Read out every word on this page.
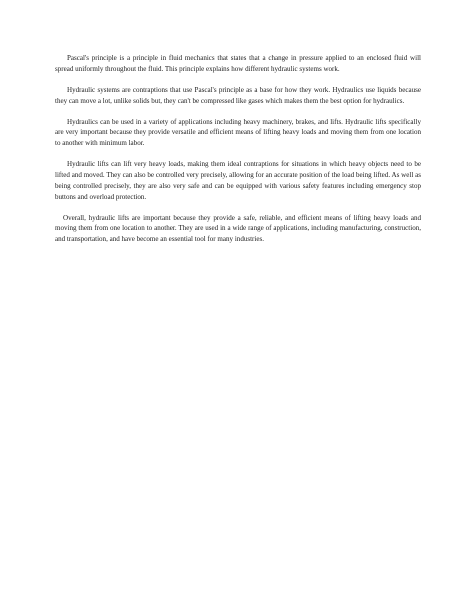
Pascal's principle is a principle in fluid mechanics that states that a change in pressure applied to an enclosed fluid will spread uniformly throughout the fluid. This principle explains how different hydraulic systems work.

Hydraulic systems are contraptions that use Pascal's principle as a base for how they work. Hydraulics use liquids because they can move a lot, unlike solids but, they can't be compressed like gases which makes them the best option for hydraulics.

Hydraulics can be used in a variety of applications including heavy machinery, brakes, and lifts. Hydraulic lifts specifically are very important because they provide versatile and efficient means of lifting heavy loads and moving them from one location to another with minimum labor.

Hydraulic lifts can lift very heavy loads, making them ideal contraptions for situations in which heavy objects need to be lifted and moved. They can also be controlled very precisely, allowing for an accurate position of the load being lifted. As well as being controlled precisely, they are also very safe and can be equipped with various safety features including emergency stop buttons and overload protection.

Overall, hydraulic lifts are important because they provide a safe, reliable, and efficient means of lifting heavy loads and moving them from one location to another. They are used in a wide range of applications, including manufacturing, construction, and transportation, and have become an essential tool for many industries.
